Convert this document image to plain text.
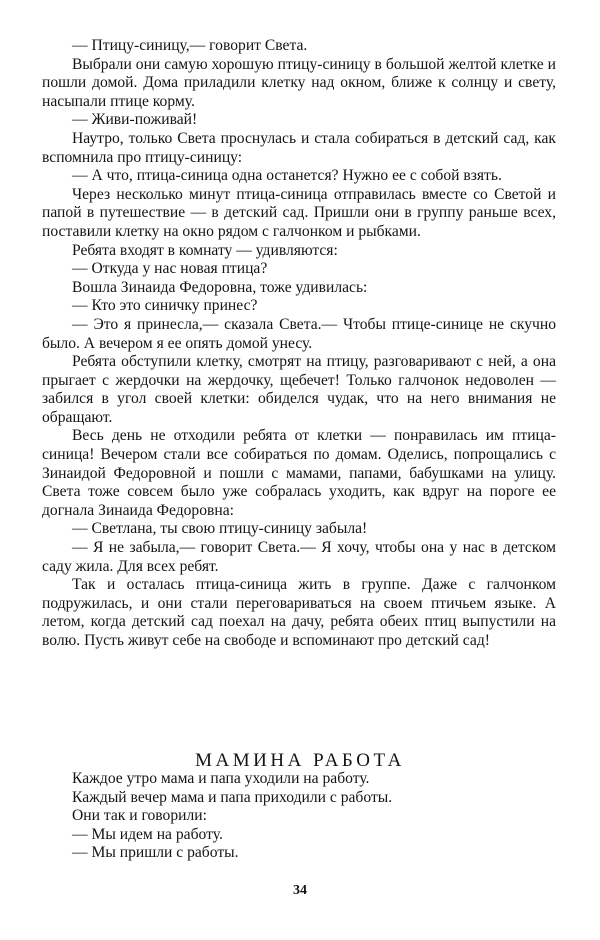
— Птицу-синицу,— говорит Света.

Выбрали они самую хорошую птицу-синицу в большой желтой клетке и пошли домой. Дома приладили клетку над окном, ближе к солнцу и свету, насыпали птице корму.

— Живи-поживай!

Наутро, только Света проснулась и стала собираться в детский сад, как вспомнила про птицу-синицу:

— А что, птица-синица одна останется? Нужно ее с собой взять.

Через несколько минут птица-синица отправилась вместе со Светой и папой в путешествие — в детский сад. Пришли они в группу раньше всех, поставили клетку на окно рядом с галчонком и рыбками.

Ребята входят в комнату — удивляются:

— Откуда у нас новая птица?

Вошла Зинаида Федоровна, тоже удивилась:

— Кто это синичку принес?

— Это я принесла,— сказала Света.— Чтобы птице-синице не скучно было. А вечером я ее опять домой унесу.

Ребята обступили клетку, смотрят на птицу, разговаривают с ней, а она прыгает с жердочки на жердочку, щебечет! Только галчонок недоволен — забился в угол своей клетки: обиделся чудак, что на него внимания не обращают.

Весь день не отходили ребята от клетки — понравилась им птица-синица! Вечером стали все собираться по домам. Оделись, попрощались с Зинаидой Федоровной и пошли с мамами, папами, бабушками на улицу. Света тоже совсем было уже собралась уходить, как вдруг на пороге ее догнала Зинаида Федоровна:

— Светлана, ты свою птицу-синицу забыла!

— Я не забыла,— говорит Света.— Я хочу, чтобы она у нас в детском саду жила. Для всех ребят.

Так и осталась птица-синица жить в группе. Даже с галчонком подружилась, и они стали переговариваться на своем птичьем языке. А летом, когда детский сад поехал на дачу, ребята обеих птиц выпустили на волю. Пусть живут себе на свободе и вспоминают про детский сад!

МАМИНА РАБОТА

Каждое утро мама и папа уходили на работу.

Каждый вечер мама и папа приходили с работы.

Они так и говорили:

— Мы идем на работу.

— Мы пришли с работы.

34
